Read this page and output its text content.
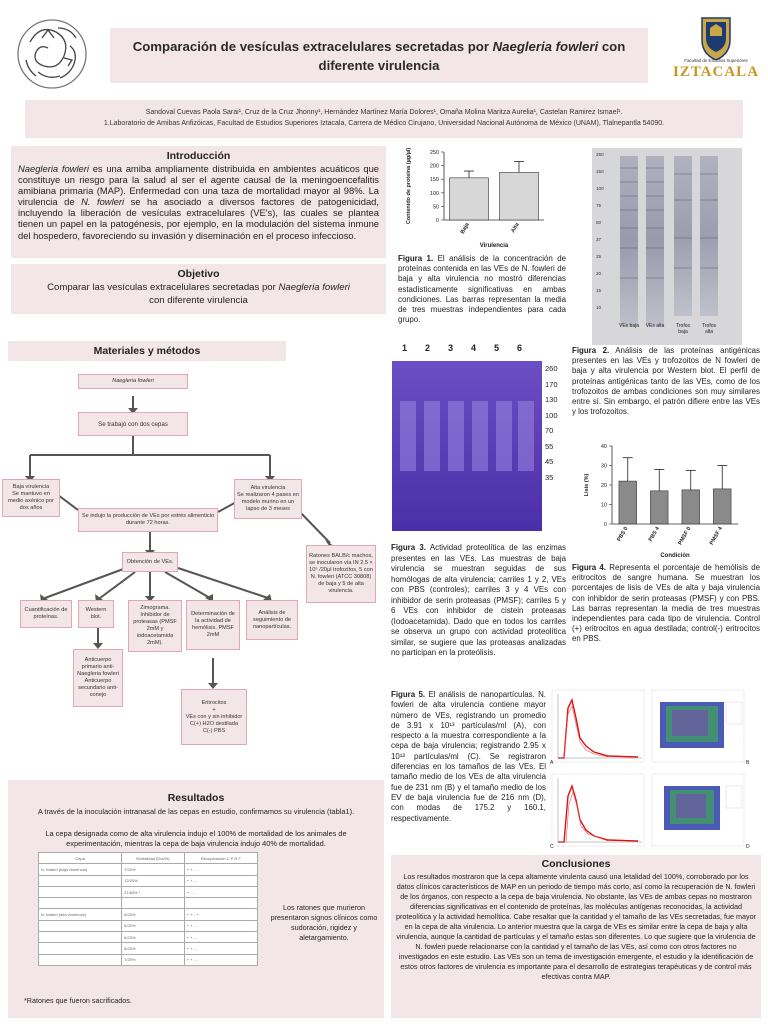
Comparación de vesículas extracelulares secretadas por Naegleria fowleri con diferente virulencia	Facultad de Estudios Superiores
IZTACALA
Sandoval Cuevas Paola Sarai¹, Cruz de la Cruz Jhonny¹, Hernández Martínez María Dolores¹, Omaña Molina Maritza Aurelia¹, Castelan Ramirez Ismael¹.
1.Laboratorio de Amibas Anfizóicas, Facultad de Estudios Superiores Iztacala, Carrera de Médico Cirujano, Universidad Nacional Autónoma de México (UNAM), Tlalnepantla 54090.
Introducción
Naegleria fowleri es una amiba ampliamente distribuida en ambientes acuáticos que constituye un riesgo para la salud al ser el agente causal de la meningoencefalitis amibiana primaria (MAP). Enfermedad con una taza de mortalidad mayor al 98%. La virulencia de N. fowleri se ha asociado a diversos factores de patogenicidad, incluyendo la liberación de vesículas extracelulares (VE's), las cuales se plantea tienen un papel en la patogénesis, por ejemplo, en la modulación del sistema inmune del hospedero, favoreciendo su invasión y diseminación en el proceso infeccioso.
Objetivo
Comparar las vesículas extracelulares secretadas por Naegleria fowleri
con diferente virulencia
Materiales y métodos
Naegleria fowleri
Se trabajó con dos cepas
Baja virulencia
Se mantuvo en medio axénico por dos años
Alta virulencia
Se realizaron 4 pases en modelo murino en un lapso de 3 meses
Se indujo la producción de VEs por estrés alimenticio durante 72 horas.
Ratones BALB/c machos, se inocularon vía IN 2.5 × 10⁵ /20µl trofozítos, 5 con N. fowleri (ATCC 30808) de baja y 5 de alta virulencia.
Obtención de VEs.
Cuantificación de proteínas.
Western blot.
Zimograma. Inhibidor de proteasas (PMSF 2mM y iodoacetamida 2mM).
Determinación de la actividad de hemólisis. PMSF 2mM
Análisis de seguimiento de nanopartículas.
Anticuerpo primario anti-Naegleria fowleri
Anticuerpo secundario anti-conejo
Eritrocitos
+
VEs con y sin inhibidor
C(+) H2O destilada
C(-) PBS
0
50
100
150
200
250
Baja	Alta
Virulencia
Contenido de proteína (µg/µl)
Figura 1. El análisis de la concentración de proteínas contenida en las VEs de N. fowleri de baja y alta virulencia no mostró diferencias estadísticamente significativas en ambas condiciones. Las barras representan la media de tres muestras independientes para cada grupo.
250
150
100
75
50
37
25
20
15
10
VEs baja	VEs alta	Trofos baja
Trofos alta
Figura 2. Análisis de las proteínas antigénicas presentes en las VEs y trofozoitos de N fowleri de baja y alta virulencia por Western blot. El perfil de proteínas antigénicas tanto de las VEs, como de los trofozoitos de ambas condiciones son muy similares entre sí. Sin embargo, el patrón difiere entre las VEs y los trofozoitos.
1 2 3 4 5 6
260
170
130
100
70
55
45
35
Figura 3. Actividad proteolítica de las enzimas presentes en las VEs. Las muestras de baja virulencia se muestran seguidas de sus homólogas de alta virulencia; carriles 1 y 2, VEs con PBS (controles); carriles 3 y 4 VEs con inhibidor de serin proteasas (PMSF); carriles 5 y 6 VEs con inhibidor de cistein proteasas (Iodoacetamida). Dado que en todos los carriles se observa un grupo con actividad proteolítica similar, se sugiere que las proteasas analizadas no participan en la proteólisis.
0
10
20
30
40
PBS 0	PBS 4	PMSF 0	PMSF 4
Condición
Lisis (%)
Figura 4. Representa el porcentaje de hemólisis de eritrocitos de sangre humana. Se muestran los porcentajes de lisis de VEs de alta y baja virulencia con inhibidor de serin proteasas (PMSF) y con PBS. Las barras representan la media de tres muestras independientes para cada tipo de virulencia. Control (+) eritrocitos en agua destilada; control(-) eritrocitos en PBS.
Figura 5. El análisis de nanopartículas. N. fowleri de alta virulencia contiene mayor número de VEs, registrando un promedio de 3.91 x 10¹³ partículas/ml (A), con respecto a la muestra correspondiente a la cepa de baja virulencia; registrando 2.95 x 10¹³ partículas/ml (C). Se registraron diferencias en los tamaños de las VEs. El tamaño medio de los VEs de alta virulencia fue de 231 nm (B) y el tamaño medio de los EV de baja virulencia fue de 216 nm (D), con modas de 175.2 y 160.1, respectivamente.
A	B
C	D
Resultados
A través de la inoculación intranasal de las cepas en estudio, confirmamos su virulencia (tabla1).
La cepa designada como de alta virulencia indujo el 100% de mortalidad de los animales de experimentación, mientras la cepa de baja virulencia indujo 40% de mortalidad.
Cepa	Mortalidad (Día/%)	Recuperación C P R F
N. fowleri (baja virulencia)	7/20%	+ + - -
	12/20%	+ + - -
	21/60% *	+ - - -

N. fowleri (alta virulencia)	6/20%	+ + - +
	6/20%	+ + - -
	6/20%	+ + - -
	6/20%	+ + - -
	7/20%	+ + - -
Los ratones que murieron presentaron signos clínicos como sudoración, rigidez y aletargamiento.
*Ratones que fueron sacrificados.
Conclusiones
Los resultados mostraron que la cepa altamente virulenta causó una letalidad del 100%, corroborado por los datos clínicos característicos de MAP en un periodo de tiempo más corto, así como la recuperación de N. fowleri de los órganos, con respecto a la cepa de baja virulencia. No obstante, las VEs de ambas cepas no mostraron diferencias significativas en el contenido de proteínas, las moléculas antígenas reconocidas, la actividad proteolítica y la actividad hemolítica. Cabe resaltar que la cantidad y el tamaño de las VEs secretadas, fue mayor en la cepa de alta virulencia. Lo anterior muestra que la carga de VEs es similar entre la cepa de baja y alta virulencia, aunque la cantidad de partículas y el tamaño estas son diferentes. Lo que sugiere que la virulencia de N. fowleri puede relacionarse con la cantidad y el tamaño de las VEs, así como con otros factores no investigados en este estudio. Las VEs son un tema de investigación emergente, el estudio y la identificación de estos otros factores de virulencia es importante para el desarrollo de estrategias terapéuticas y de control más efectivas contra MAP.
